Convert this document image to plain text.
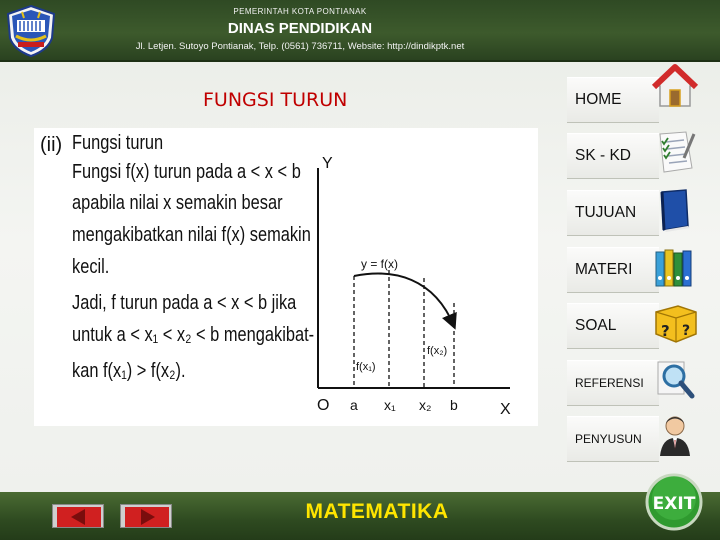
PEMERINTAH KOTA PONTIANAK
DINAS PENDIDIKAN
Jl. Letjen. Sutoyo Pontianak, Telp. (0561) 736711, Website: http://dindikptk.net
FUNGSI TURUN
(ii) Fungsi turun
Fungsi f(x) turun pada a < x < b
apabila nilai x semakin besar
mengakibatkan nilai f(x) semakin
kecil.
Jadi, f turun pada a < x < b jika
untuk a < x₁ < x₂ < b mengakibat-
kan f(x₁) > f(x₂).
Y
X
O
y = f(x)
f(x₁)
f(x₂)
a x₁ x₂ b
HOME
SK - KD
TUJUAN
MATERI
SOAL	? ?
REFERENSI
PENYUSUN
MATEMATIKA	EXIT
